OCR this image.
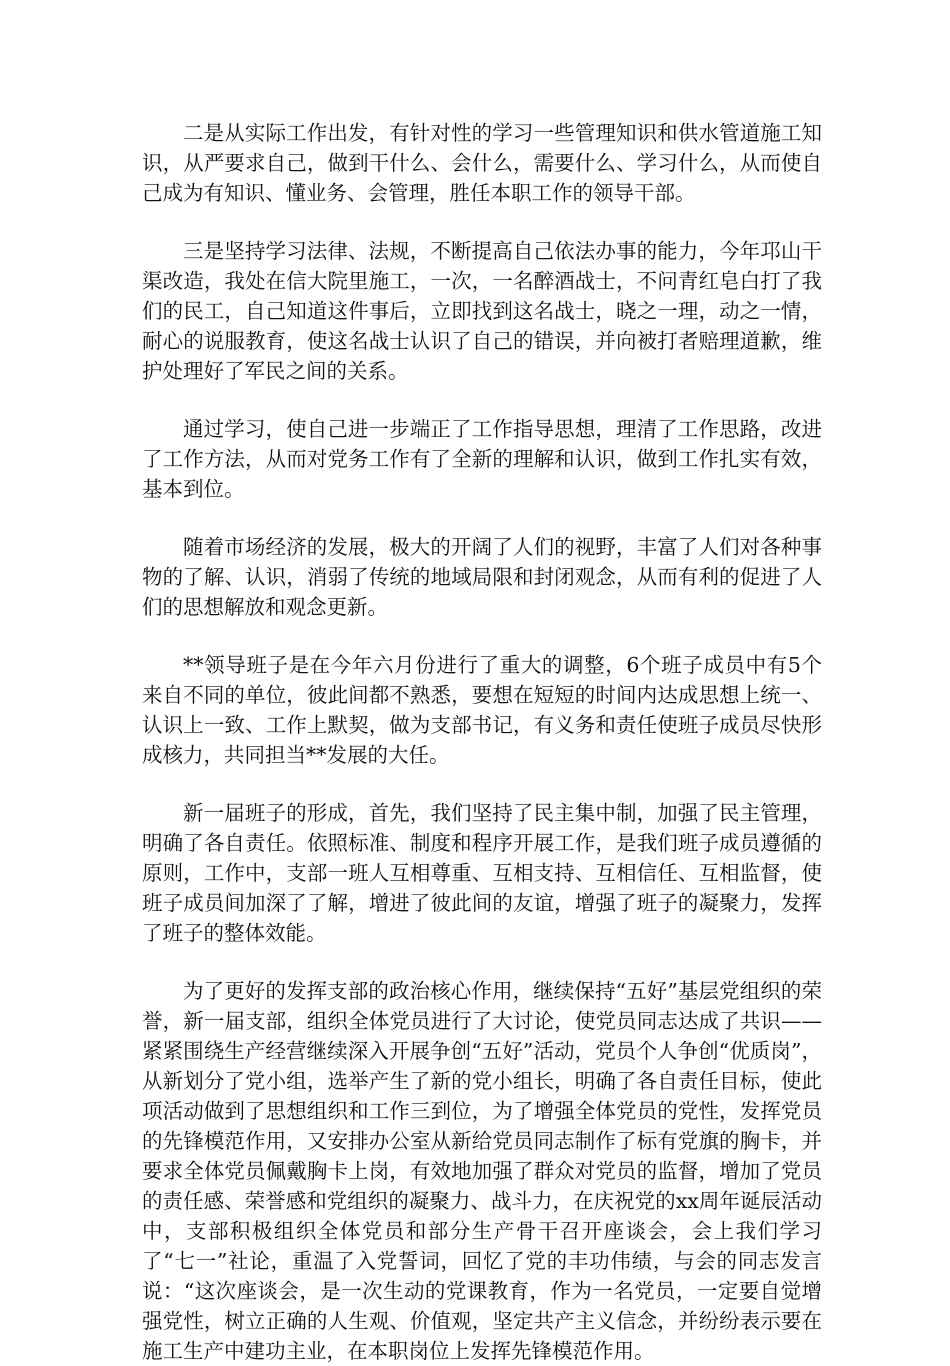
二是从实际工作出发，有针对性的学习一些管理知识和供水管道施工知识，从严要求自己，做到干什么、会什么，需要什么、学习什么，从而使自己成为有知识、懂业务、会管理，胜任本职工作的领导干部。

三是坚持学习法律、法规，不断提高自己依法办事的能力，今年邛山干渠改造，我处在信大院里施工，一次，一名醉酒战士，不问青红皂白打了我们的民工，自己知道这件事后，立即找到这名战士，晓之一理，动之一情，耐心的说服教育，使这名战士认识了自己的错误，并向被打者赔理道歉，维护处理好了军民之间的关系。

通过学习，使自己进一步端正了工作指导思想，理清了工作思路，改进了工作方法，从而对党务工作有了全新的理解和认识，做到工作扎实有效，基本到位。

随着市场经济的发展，极大的开阔了人们的视野，丰富了人们对各种事物的了解、认识，消弱了传统的地域局限和封闭观念，从而有利的促进了人们的思想解放和观念更新。

**领导班子是在今年六月份进行了重大的调整，6个班子成员中有5个来自不同的单位，彼此间都不熟悉，要想在短短的时间内达成思想上统一、认识上一致、工作上默契，做为支部书记，有义务和责任使班子成员尽快形成核力，共同担当**发展的大任。

新一届班子的形成，首先，我们坚持了民主集中制，加强了民主管理，明确了各自责任。依照标准、制度和程序开展工作，是我们班子成员遵循的原则，工作中，支部一班人互相尊重、互相支持、互相信任、互相监督，使班子成员间加深了了解，增进了彼此间的友谊，增强了班子的凝聚力，发挥了班子的整体效能。

为了更好的发挥支部的政治核心作用，继续保持“五好”基层党组织的荣誉，新一届支部，组织全体党员进行了大讨论，使党员同志达成了共识——紧紧围绕生产经营继续深入开展争创“五好”活动，党员个人争创“优质岗”，从新划分了党小组，选举产生了新的党小组长，明确了各自责任目标，使此项活动做到了思想组织和工作三到位，为了增强全体党员的党性，发挥党员的先锋模范作用，又安排办公室从新给党员同志制作了标有党旗的胸卡，并要求全体党员佩戴胸卡上岗，有效地加强了群众对党员的监督，增加了党员的责任感、荣誉感和党组织的凝聚力、战斗力，在庆祝党的xx周年诞辰活动中，支部积极组织全体党员和部分生产骨干召开座谈会，会上我们学习了“七一”社论，重温了入党誓词，回忆了党的丰功伟绩，与会的同志发言说：“这次座谈会，是一次生动的党课教育，作为一名党员，一定要自觉增强党性，树立正确的人生观、价值观，坚定共产主义信念，并纷纷表示要在施工生产中建功主业，在本职岗位上发挥先锋模范作用。
